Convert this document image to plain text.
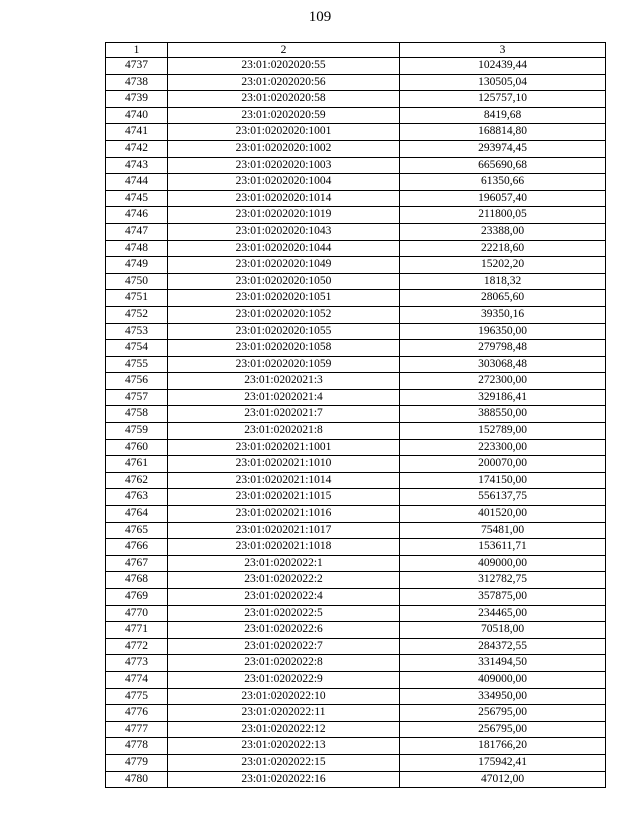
109
1	2	3
4737	23:01:0202020:55	102439,44
4738	23:01:0202020:56	130505,04
4739	23:01:0202020:58	125757,10
4740	23:01:0202020:59	8419,68
4741	23:01:0202020:1001	168814,80
4742	23:01:0202020:1002	293974,45
4743	23:01:0202020:1003	665690,68
4744	23:01:0202020:1004	61350,66
4745	23:01:0202020:1014	196057,40
4746	23:01:0202020:1019	211800,05
4747	23:01:0202020:1043	23388,00
4748	23:01:0202020:1044	22218,60
4749	23:01:0202020:1049	15202,20
4750	23:01:0202020:1050	1818,32
4751	23:01:0202020:1051	28065,60
4752	23:01:0202020:1052	39350,16
4753	23:01:0202020:1055	196350,00
4754	23:01:0202020:1058	279798,48
4755	23:01:0202020:1059	303068,48
4756	23:01:0202021:3	272300,00
4757	23:01:0202021:4	329186,41
4758	23:01:0202021:7	388550,00
4759	23:01:0202021:8	152789,00
4760	23:01:0202021:1001	223300,00
4761	23:01:0202021:1010	200070,00
4762	23:01:0202021:1014	174150,00
4763	23:01:0202021:1015	556137,75
4764	23:01:0202021:1016	401520,00
4765	23:01:0202021:1017	75481,00
4766	23:01:0202021:1018	153611,71
4767	23:01:0202022:1	409000,00
4768	23:01:0202022:2	312782,75
4769	23:01:0202022:4	357875,00
4770	23:01:0202022:5	234465,00
4771	23:01:0202022:6	70518,00
4772	23:01:0202022:7	284372,55
4773	23:01:0202022:8	331494,50
4774	23:01:0202022:9	409000,00
4775	23:01:0202022:10	334950,00
4776	23:01:0202022:11	256795,00
4777	23:01:0202022:12	256795,00
4778	23:01:0202022:13	181766,20
4779	23:01:0202022:15	175942,41
4780	23:01:0202022:16	47012,00
